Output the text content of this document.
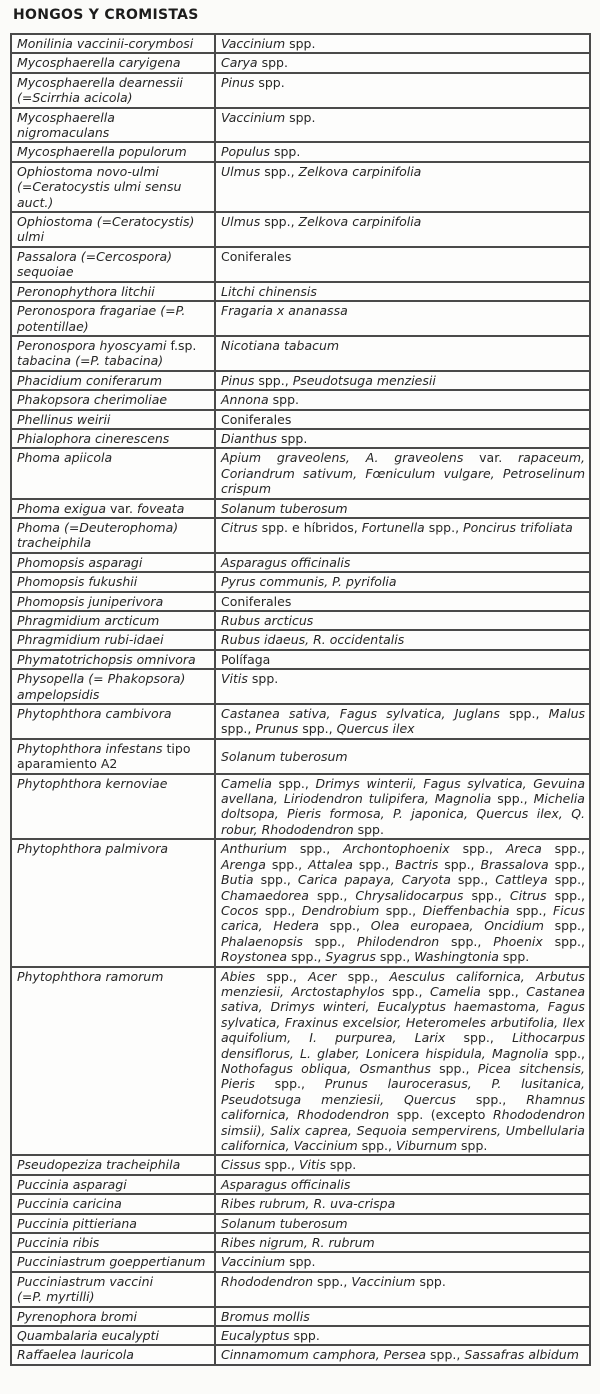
HONGOS Y CROMISTAS
Monilinia vaccinii-corymbosi	Vaccinium spp.
Mycosphaerella caryigena	Carya spp.
Mycosphaerella dearnessii
(=Scirrhia acicola)	Pinus spp.
Mycosphaerella
nigromaculans	Vaccinium spp.
Mycosphaerella populorum	Populus spp.
Ophiostoma novo-ulmi
(=Ceratocystis ulmi sensu
auct.)	Ulmus spp., Zelkova carpinifolia
Ophiostoma (=Ceratocystis)
ulmi	Ulmus spp., Zelkova carpinifolia
Passalora (=Cercospora)
sequoiae	Coniferales
Peronophythora litchii	Litchi chinensis
Peronospora fragariae (=P.
potentillae)	Fragaria x ananassa
Peronospora hyoscyami f.sp.
tabacina (=P. tabacina)	Nicotiana tabacum
Phacidium coniferarum	Pinus spp., Pseudotsuga menziesii
Phakopsora cherimoliae	Annona spp.
Phellinus weirii	Coniferales
Phialophora cinerescens	Dianthus spp.
Phoma apiicola	Apium graveolens, A. graveolens var. rapaceum, Coriandrum sativum, Fœniculum vulgare, Petroselinum crispum
Phoma exigua var. foveata	Solanum tuberosum
Phoma (=Deuterophoma)
tracheiphila	Citrus spp. e híbridos, Fortunella spp., Poncirus trifoliata
Phomopsis asparagi	Asparagus officinalis
Phomopsis fukushii	Pyrus communis, P. pyrifolia
Phomopsis juniperivora	Coniferales
Phragmidium arcticum	Rubus arcticus
Phragmidium rubi-idaei	Rubus idaeus, R. occidentalis
Phymatotrichopsis omnivora	Polífaga
Physopella (= Phakopsora)
ampelopsidis	Vitis spp.
Phytophthora cambivora	Castanea sativa, Fagus sylvatica, Juglans spp., Malus spp., Prunus spp., Quercus ilex
Phytophthora infestans tipo
aparamiento A2	Solanum tuberosum
Phytophthora kernoviae	Camelia spp., Drimys winterii, Fagus sylvatica, Gevuina avellana, Liriodendron tulipifera, Magnolia spp., Michelia doltsopa, Pieris formosa, P. japonica, Quercus ilex, Q. robur, Rhododendron spp.
Phytophthora palmivora	Anthurium spp., Archontophoenix spp., Areca spp., Arenga spp., Attalea spp., Bactris spp., Brassalova spp., Butia spp., Carica papaya, Caryota spp., Cattleya spp., Chamaedorea spp., Chrysalidocarpus spp., Citrus spp., Cocos spp., Dendrobium spp., Dieffenbachia spp., Ficus carica, Hedera spp., Olea europaea, Oncidium spp., Phalaenopsis spp., Philodendron spp., Phoenix spp., Roystonea spp., Syagrus spp., Washingtonia spp.
Phytophthora ramorum	Abies spp., Acer spp., Aesculus californica, Arbutus menziesii, Arctostaphylos spp., Camelia spp., Castanea sativa, Drimys winteri, Eucalyptus haemastoma, Fagus sylvatica, Fraxinus excelsior, Heteromeles arbutifolia, Ilex aquifolium, I. purpurea, Larix spp., Lithocarpus densiflorus, L. glaber, Lonicera hispidula, Magnolia spp., Nothofagus obliqua, Osmanthus spp., Picea sitchensis, Pieris spp., Prunus laurocerasus, P. lusitanica, Pseudotsuga menziesii, Quercus spp., Rhamnus californica, Rhododendron spp. (excepto Rhododendron simsii), Salix caprea, Sequoia sempervirens, Umbellularia californica, Vaccinium spp., Viburnum spp.
Pseudopeziza tracheiphila	Cissus spp., Vitis spp.
Puccinia asparagi	Asparagus officinalis
Puccinia caricina	Ribes rubrum, R. uva-crispa
Puccinia pittieriana	Solanum tuberosum
Puccinia ribis	Ribes nigrum, R. rubrum
Pucciniastrum goeppertianum	Vaccinium spp.
Pucciniastrum vaccini
(=P. myrtilli)	Rhododendron spp., Vaccinium spp.
Pyrenophora bromi	Bromus mollis
Quambalaria eucalypti	Eucalyptus spp.
Raffaelea lauricola	Cinnamomum camphora, Persea spp., Sassafras albidum
